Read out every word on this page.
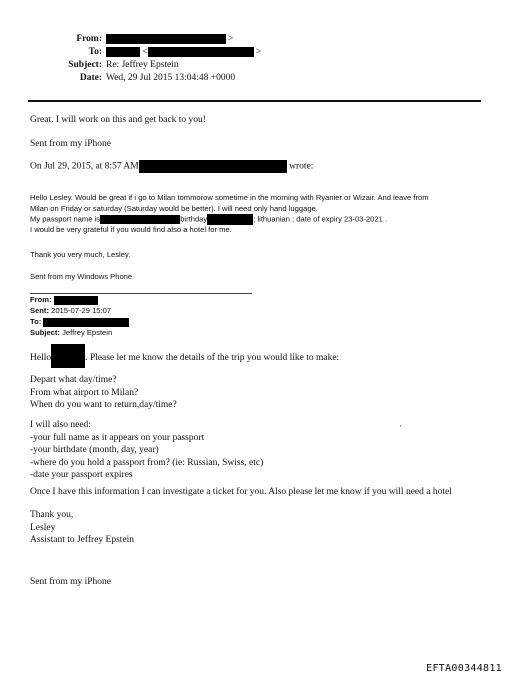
From:	>
To:	<	>
Subject: Re: Jeffrey Epstein
Date: Wed, 29 Jul 2015 13:04:48 +0000
Great. I will work on this and get back to you!
Sent from my iPhone
On Jul 29, 2015, at 8:57 AM	wrote:
Hello Lesley. Would be great if i go to Milan tommorow sometime in the morning with Ryanier or Wizair. And leave from
Milan on Friday or saturday (Saturday would be better). I will need only hand luggage.
My passport name is	birthday	; lithuanian ; date of expiry 23-03-2021 .
I would be very grateful if you would find also a hotel for me.
Thank you very much, Lesley.
Sent from my Windows Phone
From:
Sent: 2015-07-29 15:07
To:
Subject: Jeffrey Epstein
Hello	. Please let me know the details of the trip you would like to make:
Depart what day/time?
From what airport to Milan?
When do you want to return,day/time?
I will also need:
-your full name as it appears on your passport
-your birthdate (month, day, year)
-where do you hold a passport from? (ie: Russian, Swiss, etc)
-date your passport expires
·
Once I have this information I can investigate a ticket for you. Also please let me know if you will need a hotel
Thank you,
Lesley
Assistant to Jeffrey Epstein
Sent from my iPhone
EFTA00344811
